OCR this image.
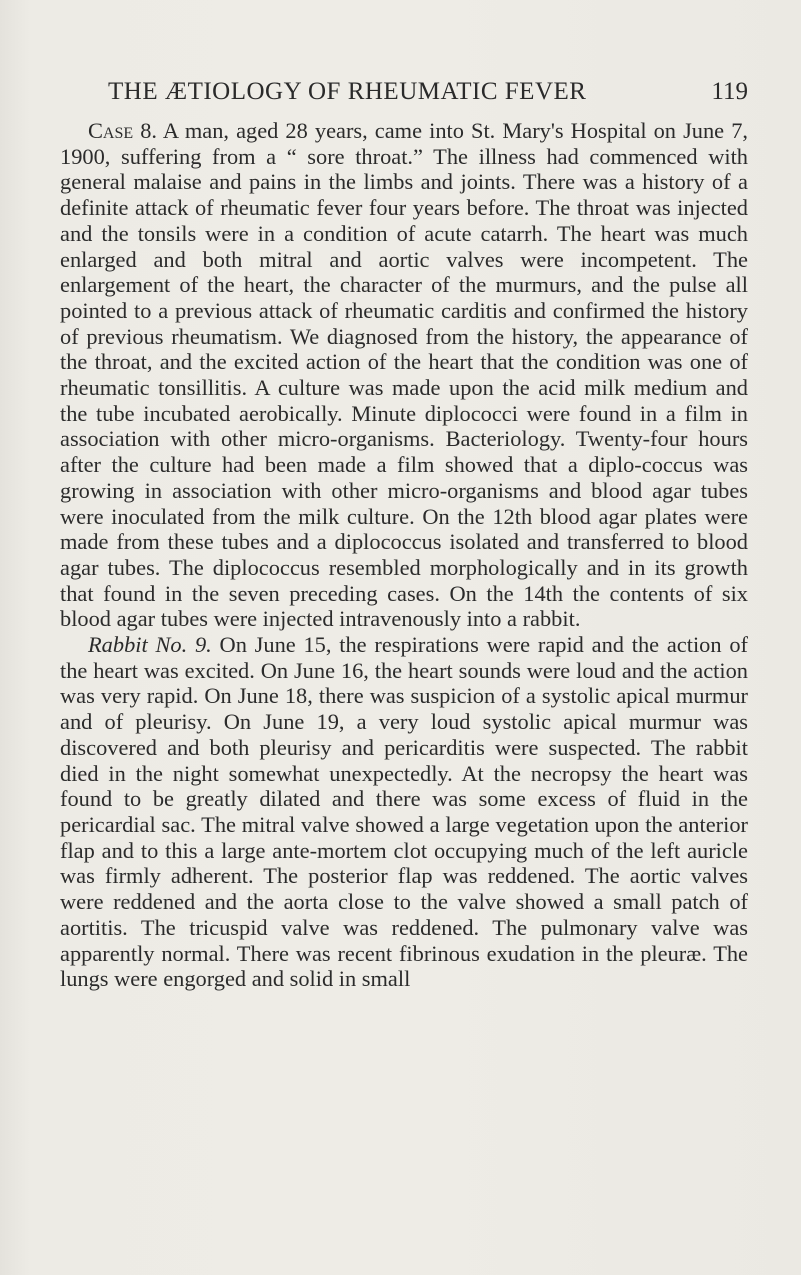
THE ÆTIOLOGY OF RHEUMATIC FEVER	119

Case 8. A man, aged 28 years, came into St. Mary's Hospital on June 7, 1900, suffering from a “ sore throat.” The illness had commenced with general malaise and pains in the limbs and joints. There was a history of a definite attack of rheumatic fever four years before. The throat was injected and the tonsils were in a condition of acute catarrh. The heart was much enlarged and both mitral and aortic valves were incompetent. The enlargement of the heart, the character of the murmurs, and the pulse all pointed to a previous attack of rheumatic carditis and confirmed the history of previous rheumatism. We diagnosed from the history, the appearance of the throat, and the excited action of the heart that the condition was one of rheumatic tonsillitis. A culture was made upon the acid milk medium and the tube incubated aerobically. Minute diplococci were found in a film in association with other micro-organisms. Bacteriology. Twenty-four hours after the culture had been made a film showed that a diplo-coccus was growing in association with other micro-organisms and blood agar tubes were inoculated from the milk culture. On the 12th blood agar plates were made from these tubes and a diplococcus isolated and transferred to blood agar tubes. The diplococcus resembled morphologically and in its growth that found in the seven preceding cases. On the 14th the contents of six blood agar tubes were injected intravenously into a rabbit.

Rabbit No. 9. On June 15, the respirations were rapid and the action of the heart was excited. On June 16, the heart sounds were loud and the action was very rapid. On June 18, there was suspicion of a systolic apical murmur and of pleurisy. On June 19, a very loud systolic apical murmur was discovered and both pleurisy and pericarditis were suspected. The rabbit died in the night somewhat unexpectedly. At the necropsy the heart was found to be greatly dilated and there was some excess of fluid in the pericardial sac. The mitral valve showed a large vegetation upon the anterior flap and to this a large ante-mortem clot occupying much of the left auricle was firmly adherent. The posterior flap was reddened. The aortic valves were reddened and the aorta close to the valve showed a small patch of aortitis. The tricuspid valve was reddened. The pulmonary valve was apparently normal. There was recent fibrinous exudation in the pleuræ. The lungs were engorged and solid in small
